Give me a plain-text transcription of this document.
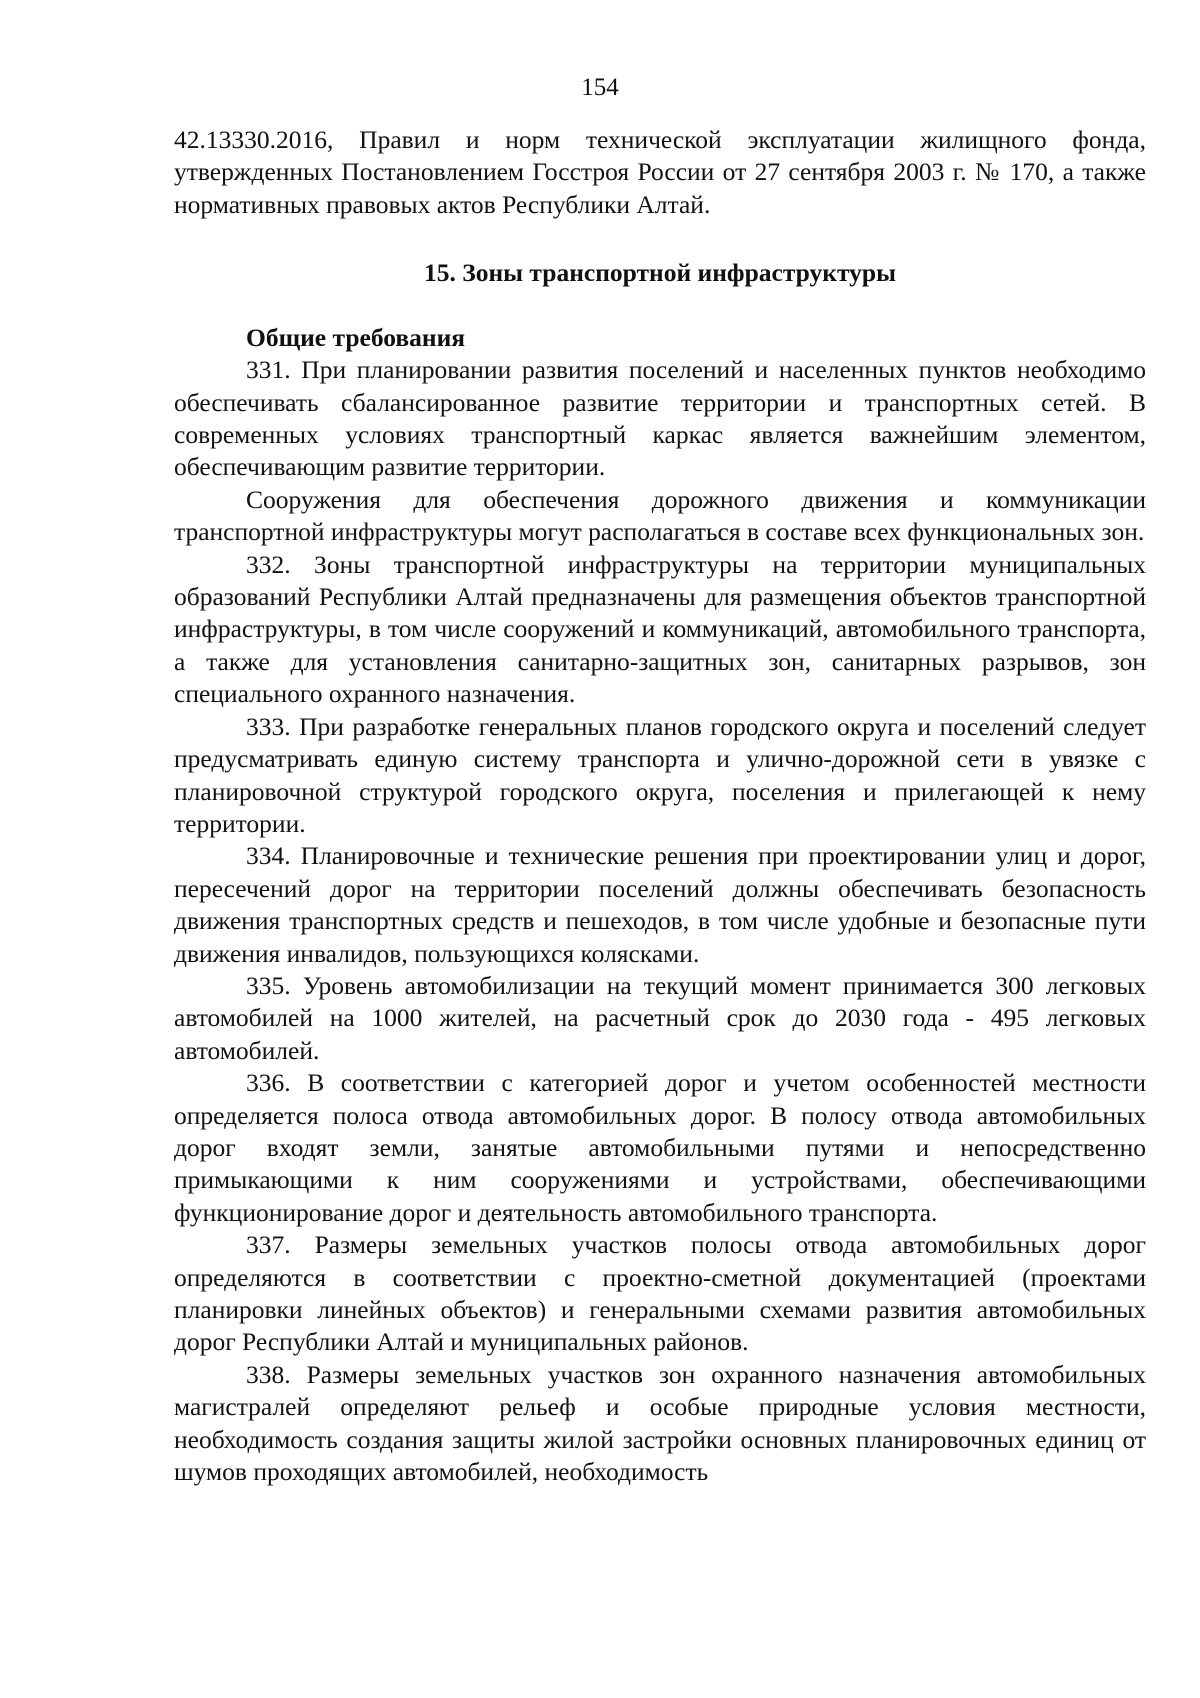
154

42.13330.2016, Правил и норм технической эксплуатации жилищного фонда, утвержденных Постановлением Госстроя России от 27 сентября 2003 г. № 170, а также нормативных правовых актов Республики Алтай.

15. Зоны транспортной инфраструктуры
Общие требования

331. При планировании развития поселений и населенных пунктов необходимо обеспечивать сбалансированное развитие территории и транспортных сетей. В современных условиях транспортный каркас является важнейшим элементом, обеспечивающим развитие территории.

Сооружения для обеспечения дорожного движения и коммуникации транспортной инфраструктуры могут располагаться в составе всех функциональных зон.

332. Зоны транспортной инфраструктуры на территории муниципальных образований Республики Алтай предназначены для размещения объектов транспортной инфраструктуры, в том числе сооружений и коммуникаций, автомобильного транспорта, а также для установления санитарно-защитных зон, санитарных разрывов, зон специального охранного назначения.

333. При разработке генеральных планов городского округа и поселений следует предусматривать единую систему транспорта и улично-дорожной сети в увязке с планировочной структурой городского округа, поселения и прилегающей к нему территории.

334. Планировочные и технические решения при проектировании улиц и дорог, пересечений дорог на территории поселений должны обеспечивать безопасность движения транспортных средств и пешеходов, в том числе удобные и безопасные пути движения инвалидов, пользующихся колясками.

335. Уровень автомобилизации на текущий момент принимается 300 легковых автомобилей на 1000 жителей, на расчетный срок до 2030 года - 495 легковых автомобилей.

336. В соответствии с категорией дорог и учетом особенностей местности определяется полоса отвода автомобильных дорог. В полосу отвода автомобильных дорог входят земли, занятые автомобильными путями и непосредственно примыкающими к ним сооружениями и устройствами, обеспечивающими функционирование дорог и деятельность автомобильного транспорта.

337. Размеры земельных участков полосы отвода автомобильных дорог определяются в соответствии с проектно-сметной документацией (проектами планировки линейных объектов) и генеральными схемами развития автомобильных дорог Республики Алтай и муниципальных районов.

338. Размеры земельных участков зон охранного назначения автомобильных магистралей определяют рельеф и особые природные условия местности, необходимость создания защиты жилой застройки основных планировочных единиц от шумов проходящих автомобилей, необходимость
